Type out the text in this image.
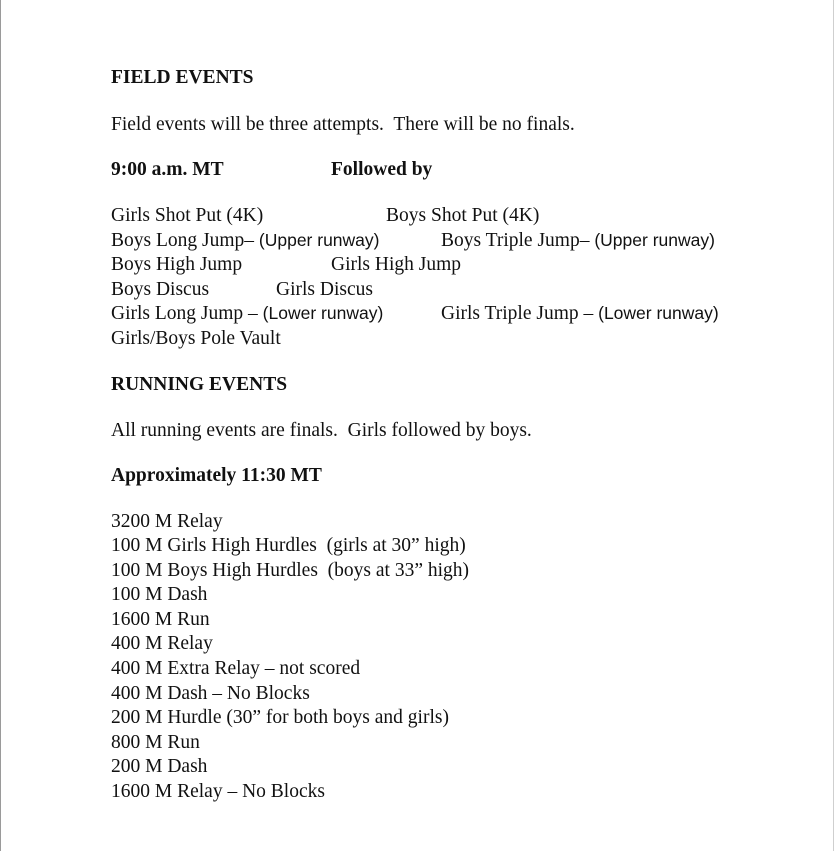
FIELD EVENTS
Field events will be three attempts.  There will be no finals.
9:00 a.m. MT	Followed by
Girls Shot Put (4K)	Boys Shot Put (4K)
Boys Long Jump– (Upper runway)	Boys Triple Jump– (Upper runway)
Boys High Jump	Girls High Jump
Boys Discus	Girls Discus
Girls Long Jump – (Lower runway)	Girls Triple Jump – (Lower runway)
Girls/Boys Pole Vault
RUNNING EVENTS
All running events are finals.  Girls followed by boys.
Approximately 11:30 MT
3200 M Relay
100 M Girls High Hurdles  (girls at 30” high)
100 M Boys High Hurdles  (boys at 33” high)
100 M Dash
1600 M Run
400 M Relay
400 M Extra Relay – not scored
400 M Dash – No Blocks
200 M Hurdle (30” for both boys and girls)
800 M Run
200 M Dash
1600 M Relay – No Blocks
